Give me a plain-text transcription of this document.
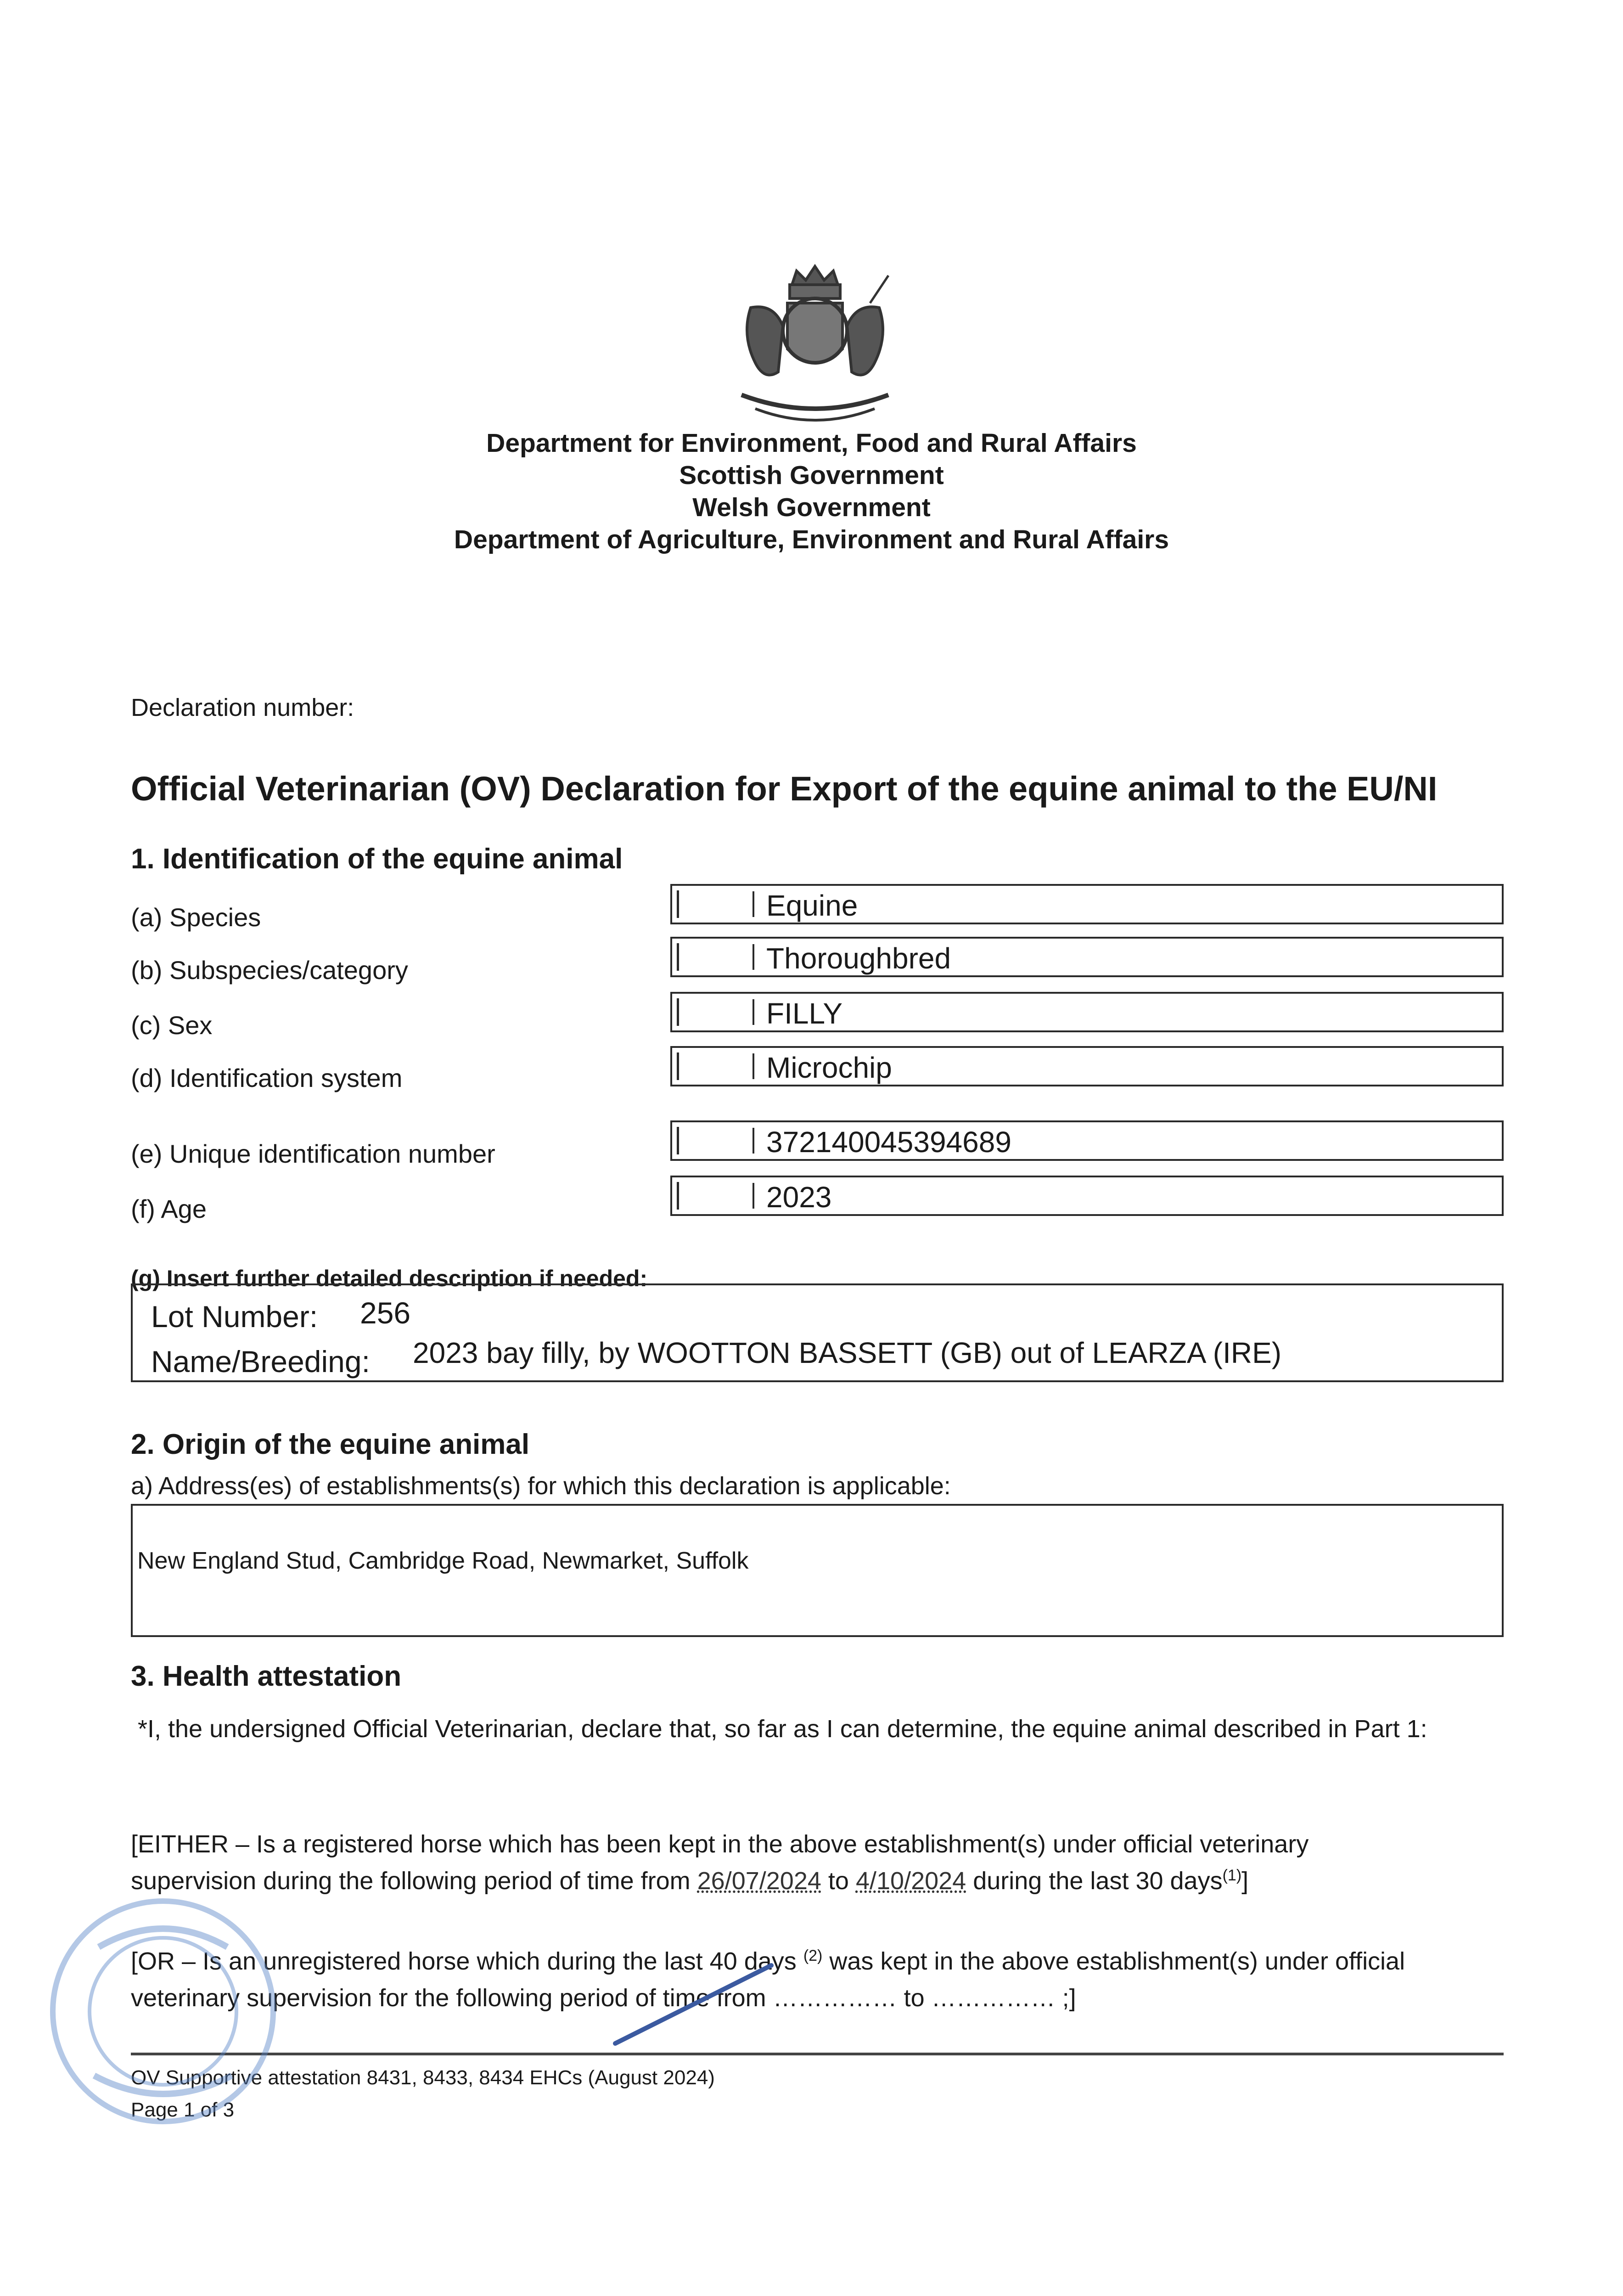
Department for Environment, Food and Rural Affairs
Scottish Government
Welsh Government
Department of Agriculture, Environment and Rural Affairs
Declaration number:
Official Veterinarian (OV) Declaration for Export of the equine animal to the EU/NI
1. Identification of the equine animal
(a) Species	Equine
(b) Subspecies/category	Thoroughbred
(c) Sex	FILLY
(d) Identification system	Microchip
(e) Unique identification number	372140045394689
(f) Age	2023
(g) Insert further detailed description if needed:
Lot Number: 256
Name/Breeding: 2023 bay filly, by WOOTTON BASSETT (GB) out of LEARZA (IRE)
2. Origin of the equine animal
a) Address(es) of establishments(s) for which this declaration is applicable:
New England Stud, Cambridge Road, Newmarket, Suffolk
3. Health attestation
*I, the undersigned Official Veterinarian, declare that, so far as I can determine, the equine animal described in Part 1:
[EITHER – Is a registered horse which has been kept in the above establishment(s) under official veterinary
supervision during the following period of time from 26/07/2024 to 4/10/2024 during the last 30 days$^{(1)}$]
[OR – Is an unregistered horse which during the last 40 days $^{(2)}$ was kept in the above establishment(s) under official
veterinary supervision for the following period of time from …………… to …………… ;]
OV Supportive attestation 8431, 8433, 8434 EHCs (August 2024)
Page 1 of 3
